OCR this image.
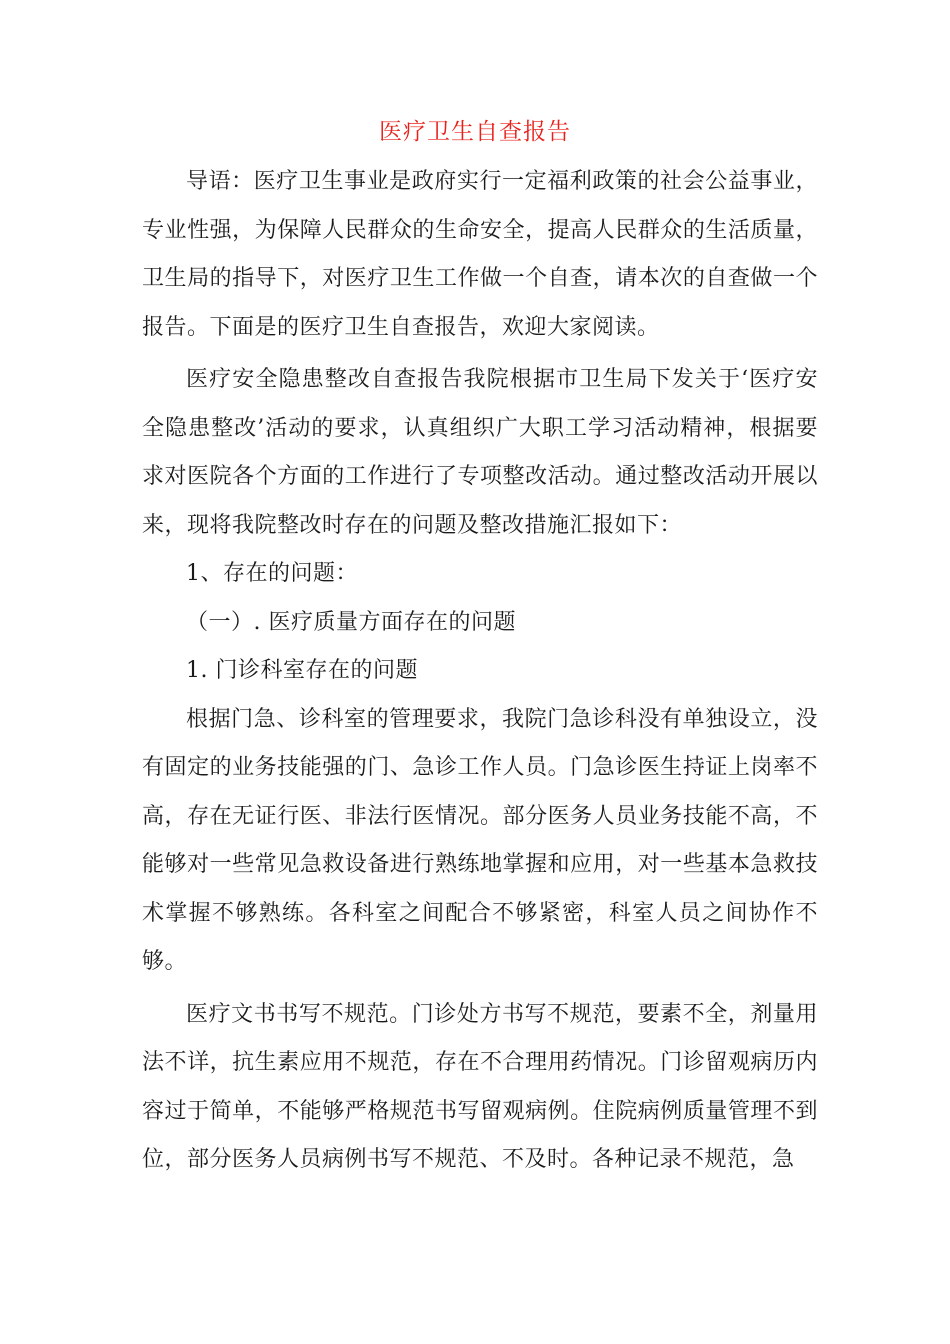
医疗卫生自查报告

导语：医疗卫生事业是政府实行一定福利政策的社会公益事业，专业性强，为保障人民群众的生命安全，提高人民群众的生活质量，卫生局的指导下，对医疗卫生工作做一个自查，请本次的自查做一个报告。下面是的医疗卫生自查报告，欢迎大家阅读。

医疗安全隐患整改自查报告我院根据市卫生局下发关于‘医疗安全隐患整改’活动的要求，认真组织广大职工学习活动精神，根据要求对医院各个方面的工作进行了专项整改活动。通过整改活动开展以来，现将我院整改时存在的问题及整改措施汇报如下：

1、存在的问题：

（一）. 医疗质量方面存在的问题

1. 门诊科室存在的问题

根据门急、诊科室的管理要求，我院门急诊科没有单独设立，没有固定的业务技能强的门、急诊工作人员。门急诊医生持证上岗率不高，存在无证行医、非法行医情况。部分医务人员业务技能不高，不能够对一些常见急救设备进行熟练地掌握和应用，对一些基本急救技术掌握不够熟练。各科室之间配合不够紧密，科室人员之间协作不够。

医疗文书书写不规范。门诊处方书写不规范，要素不全，剂量用法不详，抗生素应用不规范，存在不合理用药情况。门诊留观病历内容过于简单，不能够严格规范书写留观病例。住院病例质量管理不到位，部分医务人员病例书写不规范、不及时。各种记录不规范，急
